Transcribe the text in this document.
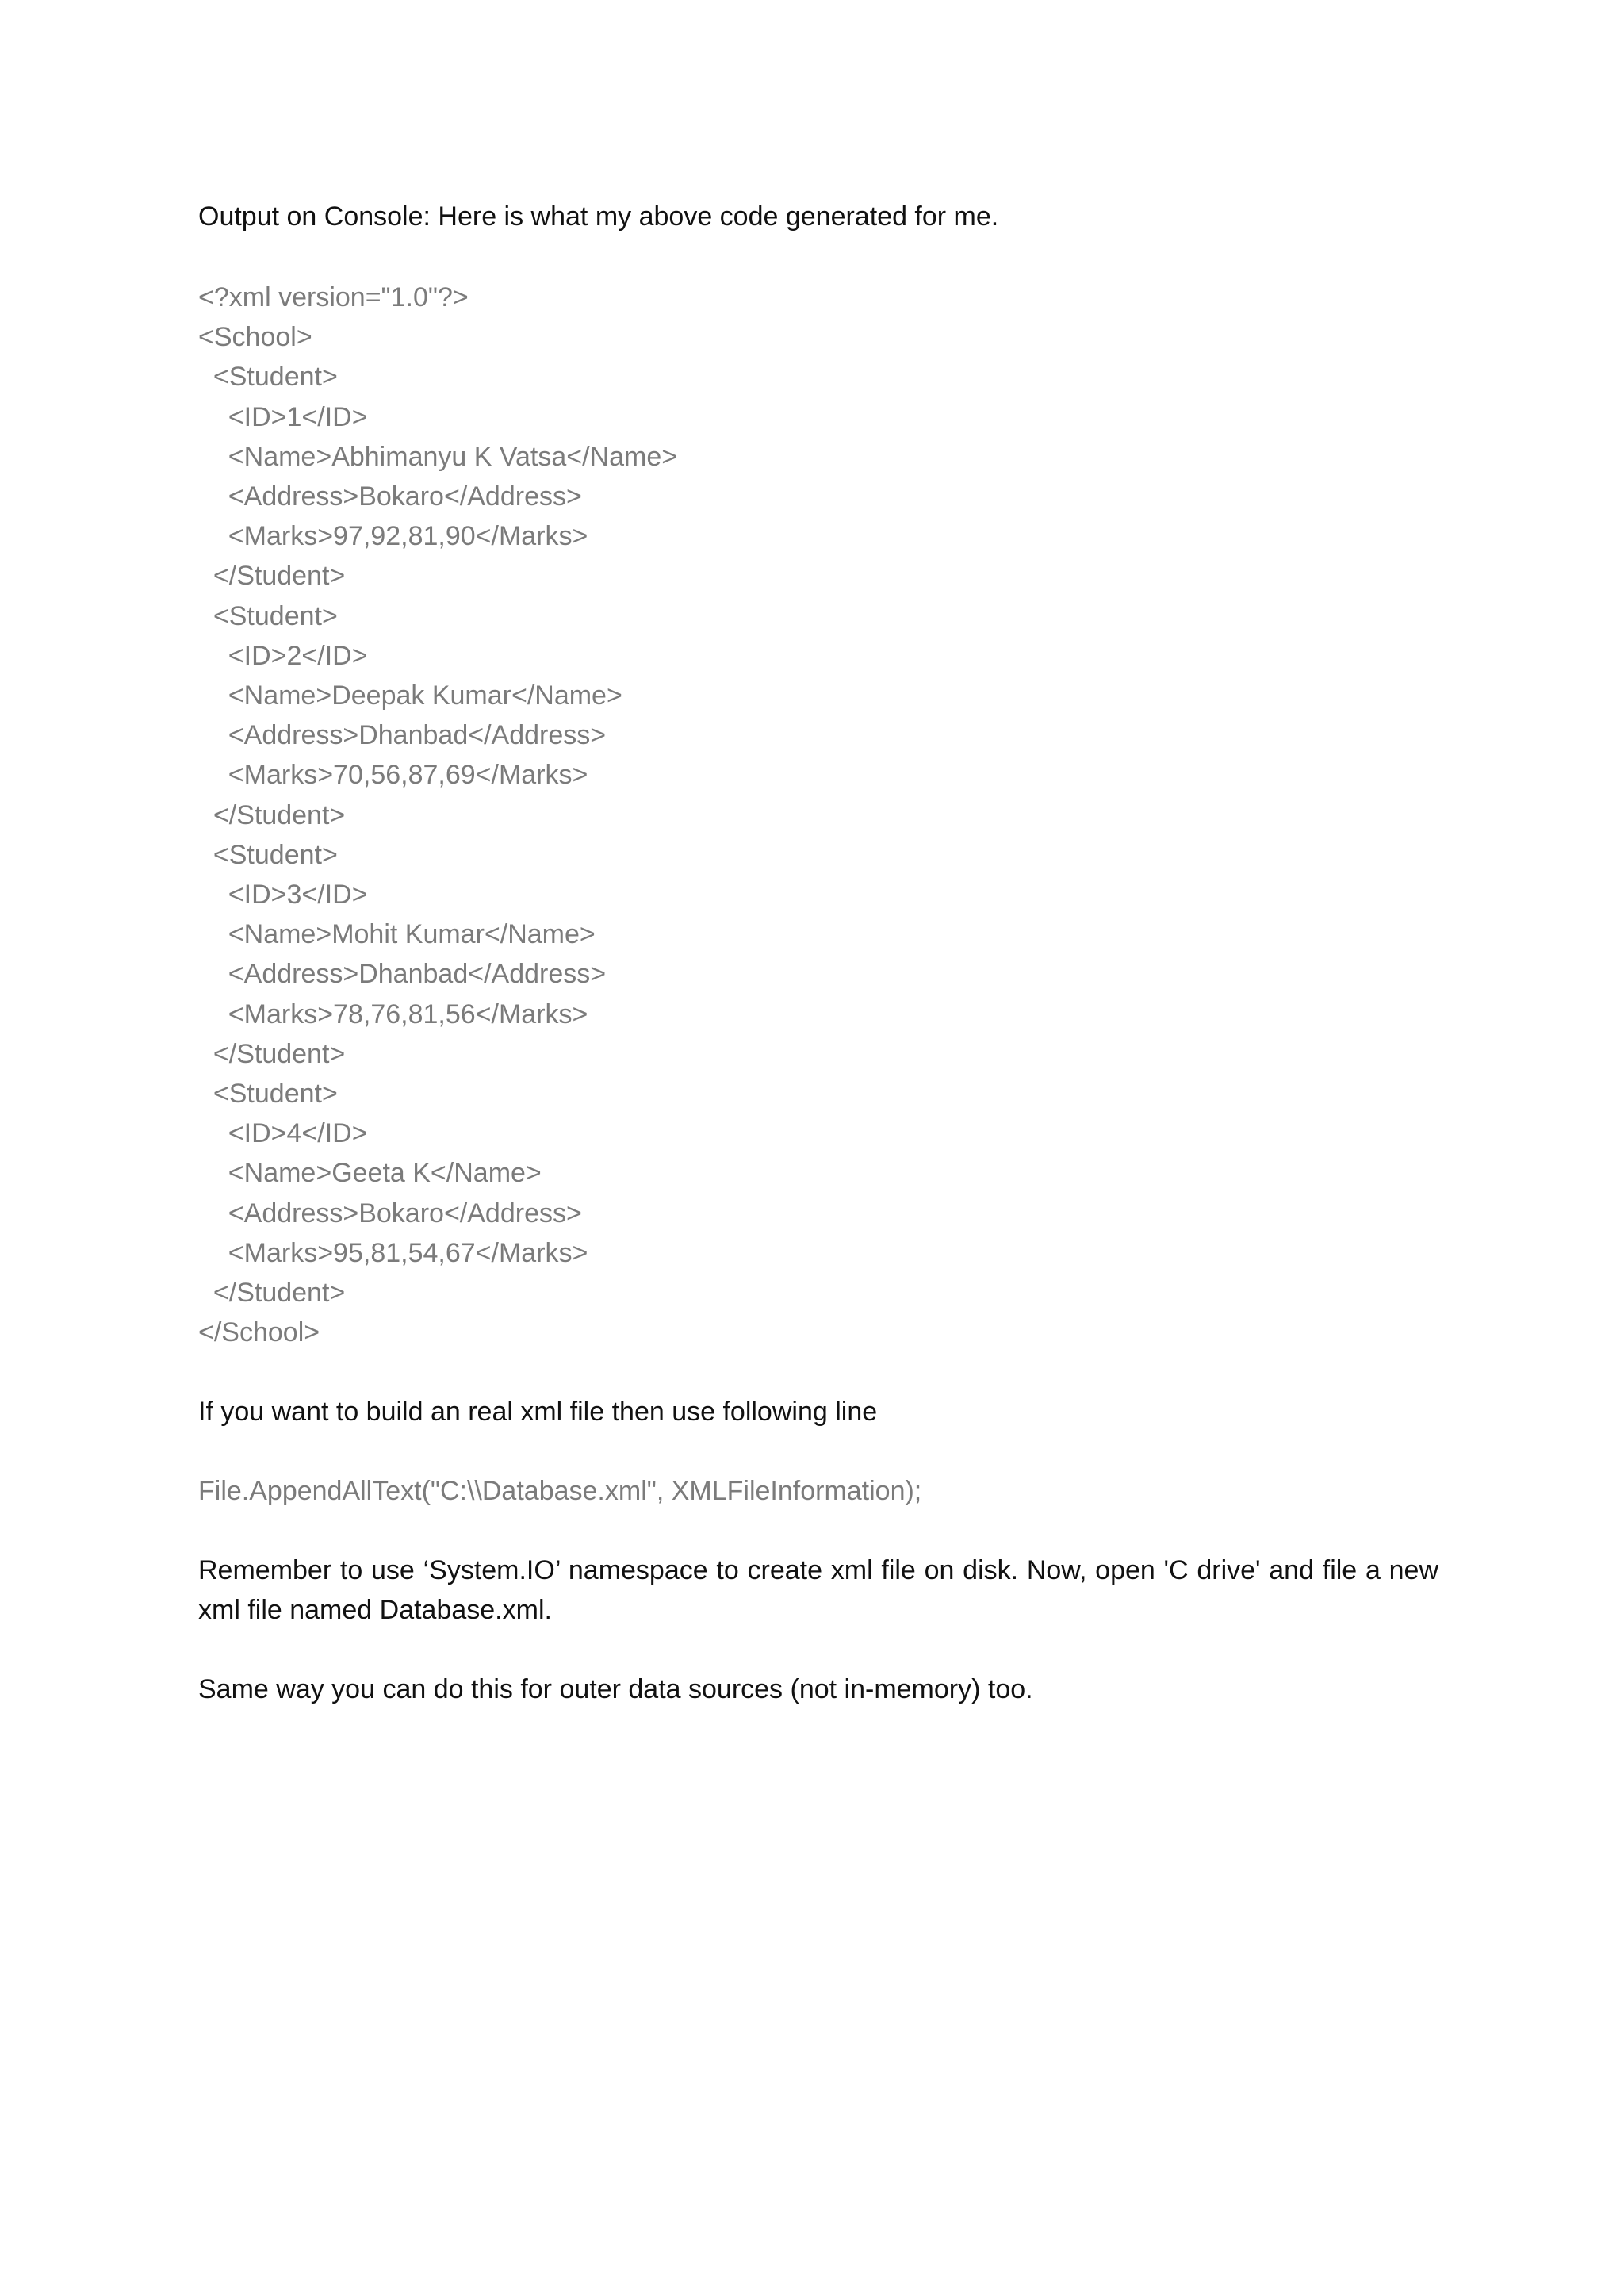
Output on Console: Here is what my above code generated for me.

<?xml version="1.0"?>
<School>
<Student>
<ID>1</ID>
<Name>Abhimanyu K Vatsa</Name>
<Address>Bokaro</Address>
<Marks>97,92,81,90</Marks>
</Student>
<Student>
<ID>2</ID>
<Name>Deepak Kumar</Name>
<Address>Dhanbad</Address>
<Marks>70,56,87,69</Marks>
</Student>
<Student>
<ID>3</ID>
<Name>Mohit Kumar</Name>
<Address>Dhanbad</Address>
<Marks>78,76,81,56</Marks>
</Student>
<Student>
<ID>4</ID>
<Name>Geeta K</Name>
<Address>Bokaro</Address>
<Marks>95,81,54,67</Marks>
</Student>
</School>

If you want to build an real xml file then use following line

File.AppendAllText("C:\\Database.xml", XMLFileInformation);

Remember to use ‘System.IO’ namespace to create xml file on disk. Now, open 'C drive' and file a new xml file named Database.xml.

Same way you can do this for outer data sources (not in-memory) too.
